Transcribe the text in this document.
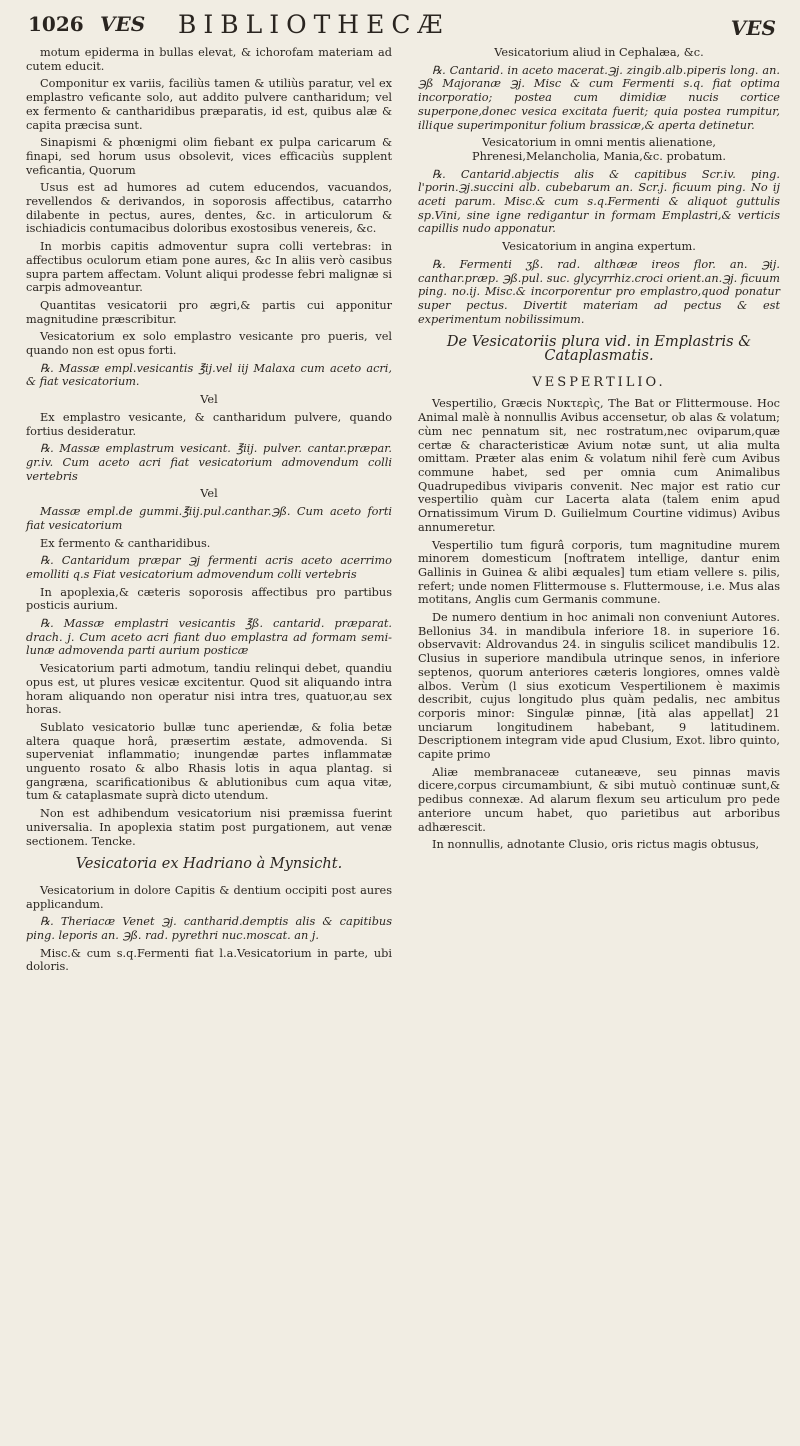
1026 VES BIBLIOTHECÆ	VES

motum epiderma in bullas elevat, & ichorofam materiam ad cutem educit.

Componitur ex variis, faciliùs tamen & utiliùs paratur, vel ex emplastro veficante solo, aut addito pulvere cantharidum; vel ex fermento & cantharidibus præparatis, id est, quibus alæ & capita præcisa sunt.

Sinapismi & phœnigmi olim fiebant ex pulpa caricarum & finapi, sed horum usus obsolevit, vices efficaciùs supplent veficantia, Quorum

Usus est ad humores ad cutem educendos, vacuandos, revellendos & derivandos, in soporosis affectibus, catarrho dilabente in pectus, aures, dentes, &c. in articulorum & ischiadicis contumacibus doloribus exostosibus venereis, &c.

In morbis capitis admoventur supra colli vertebras: in affectibus oculorum etiam pone aures, &c In aliis verò casibus supra partem affectam. Volunt aliqui prodesse febri malignæ si carpis admoveantur.

Quantitas vesicatorii pro ægri,& partis cui apponitur magnitudine præscribitur.

Vesicatorium ex solo emplastro vesicante pro pueris, vel quando non est opus forti.

℞. Massæ empl.vesicantis ℥ij.vel iij Malaxa cum aceto acri, & fiat vesicatorium.

Vel

Ex emplastro vesicante, & cantharidum pulvere, quando fortius desideratur.

℞. Massæ emplastrum vesicant. ℥iij. pulver. cantar.præpar. gr.iv. Cum aceto acri fiat vesicatorium admovendum colli vertebris

Vel

Massæ empl.de gummi.℥iij.pul.canthar.℈ß. Cum aceto forti fiat vesicatorium

Ex fermento & cantharidibus.

℞. Cantaridum præpar ℈j fermenti acris aceto acerrimo emolliti q.s Fiat vesicatorium admovendum colli vertebris

In apoplexia,& cæteris soporosis affectibus pro partibus posticis aurium.

℞. Massæ emplastri vesicantis ℥ß. cantarid. præparat. drach. j. Cum aceto acri fiant duo emplastra ad formam semi-lunæ admovenda parti aurium posticæ

Vesicatorium parti admotum, tandiu relinqui debet, quandiu opus est, ut plures vesicæ excitentur. Quod sit aliquando intra horam aliquando non operatur nisi intra tres, quatuor,au sex horas.

Sublato vesicatorio bullæ tunc aperiendæ, & folia betæ altera quaque horâ, præsertim æstate, admovenda. Si superveniat inflammatio; inungendæ partes inflammatæ unguento rosato & albo Rhasis lotis in aqua plantag. si gangræna, scarificationibus & ablutionibus cum aqua vitæ, tum & cataplasmate suprà dicto utendum.

Non est adhibendum vesicatorium nisi præmissa fuerint universalia. In apoplexia statim post purgationem, aut venæ sectionem. Tencke.

Vesicatoria ex Hadriano à Mynsicht.

Vesicatorium in dolore Capitis & dentium occipiti post aures applicandum.

℞. Theriacæ Venet ℈j. cantharid.demptis alis & capitibus ping. leporis an. ℈ß. rad. pyrethri nuc.moscat. an j.

Misc.& cum s.q.Fermenti fiat l.a.Vesicatorium in parte, ubi doloris.

Vesicatorium aliud in Cephalæa, &c.

℞. Cantarid. in aceto macerat.℈j. zingib.alb.piperis long. an. ℈ß Majoranæ ℈j. Misc & cum Fermenti s.q. fiat optima incorporatio; postea cum dimidiæ nucis cortice superpone,donec vesica excitata fuerit; quia postea rumpitur, illique superimponitur folium brassicæ,& aperta detinetur.

Vesicatorium in omni mentis alienatione, Phrenesi,Melancholia, Mania,&c. probatum.

℞. Cantarid.abjectis alis & capitibus Scr.iv. ping. l'porin.℈j.succini alb. cubebarum an. Scr.j. ficuum ping. No ij aceti parum. Misc.& cum s.q.Fermenti & aliquot guttulis sp.Vini, sine igne redigantur in formam Emplastri,& verticis capillis nudo apponatur.

Vesicatorium in angina expertum.

℞. Fermenti ʒß. rad. althææ ireos flor. an. ℈ij. canthar.præp. ℈ß.pul. suc. glycyrrhiz.croci orient.an.℈j. ficuum ping. no.ij. Misc.& incorporentur pro emplastro,quod ponatur super pectus. Divertit materiam ad pectus & est experimentum nobilissimum.

De Vesicatoriis plura vid. in Emplastris & Cataplasmatis.

VESPERTILIO.

Vespertilio, Græcis Νυκτερὶς, The Bat or Flittermouse. Hoc Animal malè à nonnullis Avibus accensetur, ob alas & volatum; cùm nec pennatum sit, nec rostratum,nec oviparum,quæ certæ & characteristicæ Avium notæ sunt, ut alia multa omittam. Præter alas enim & volatum nihil ferè cum Avibus commune habet, sed per omnia cum Animalibus Quadrupedibus viviparis convenit. Nec major est ratio cur vespertilio quàm cur Lacerta alata (talem enim apud Ornatissimum Virum D. Guilielmum Courtine vidimus) Avibus annumeretur.

Vespertilio tum figurâ corporis, tum magnitudine murem minorem domesticum [noftratem intellige, dantur enim Gallinis in Guinea & alibi æquales] tum etiam vellere s. pilis, refert; unde nomen Flittermouse s. Fluttermouse, i.e. Mus alas motitans, Anglis cum Germanis commune.

De numero dentium in hoc animali non conveniunt Autores. Bellonius 34. in mandibula inferiore 18. in superiore 16. observavit: Aldrovandus 24. in singulis scilicet mandibulis 12. Clusius in superiore mandibula utrinque senos, in inferiore septenos, quorum anteriores cæteris longiores, omnes valdè albos. Verùm (l sius exoticum Vespertilionem è maximis describit, cujus longitudo plus quàm pedalis, nec ambitus corporis minor: Singulæ pinnæ, [ità alas appellat] 21 unciarum longitudinem habebant, 9 latitudinem. Descriptionem integram vide apud Clusium, Exot. libro quinto, capite primo

Aliæ membranaceæ cutaneæve, seu pinnas mavis dicere,corpus circumambiunt, & sibi mutuò continuæ sunt,& pedibus connexæ. Ad alarum flexum seu articulum pro pede anteriore uncum habet, quo parietibus aut arboribus adhærescit.

In nonnullis, adnotante Clusio, oris rictus magis obtusus,
